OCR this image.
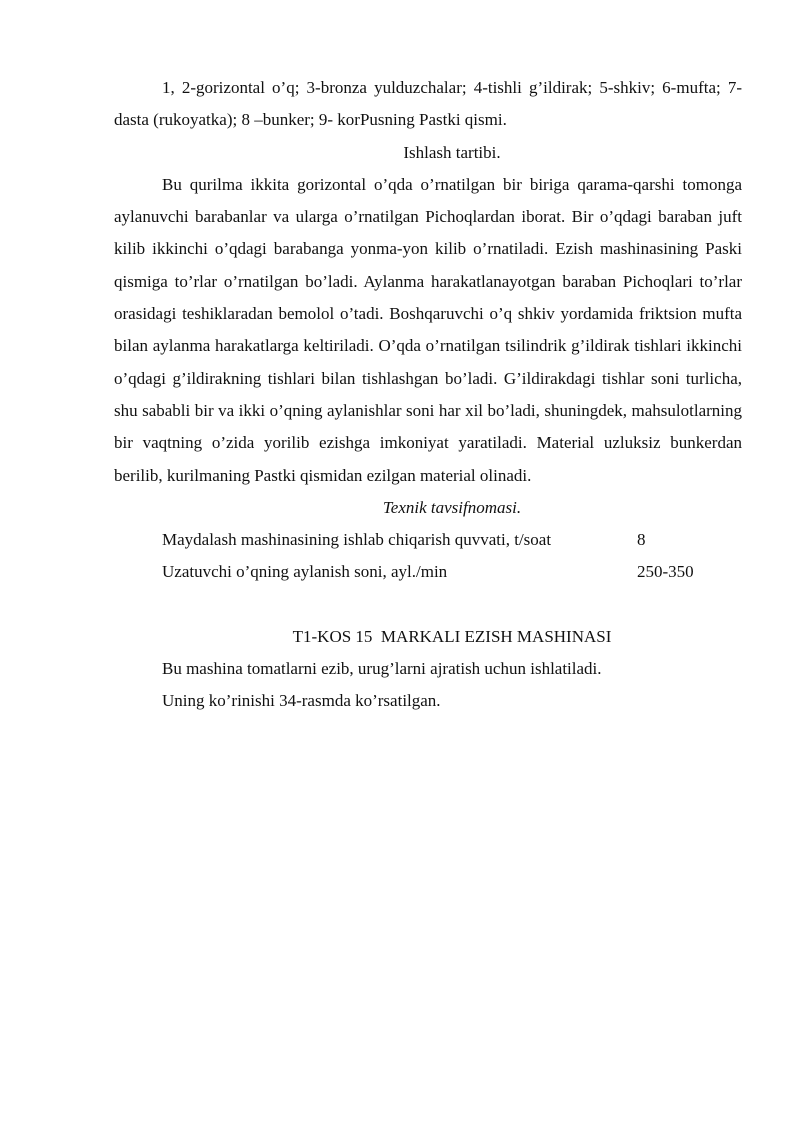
1, 2-gorizontal o’q; 3-bronza yulduzchalar; 4-tishli g’ildirak; 5-shkiv; 6-mufta; 7-dasta (rukoyatka); 8 –bunker; 9- korPusning Pastki qismi.

Ishlash tartibi.

Bu qurilma ikkita gorizontal o’qda o’rnatilgan bir biriga qarama-qarshi tomonga aylanuvchi barabanlar va ularga o’rnatilgan Pichoqlardan iborat. Bir o’qdagi baraban juft kilib ikkinchi o’qdagi barabanga yonma-yon kilib o’rnatiladi. Ezish mashinasining Paski qismiga to’rlar o’rnatilgan bo’ladi. Aylanma harakatlanayotgan baraban Pichoqlari to’rlar orasidagi teshiklaradan bemolol o’tadi. Boshqaruvchi o’q shkiv yordamida friktsion mufta bilan aylanma harakatlarga keltiriladi. O’qda o’rnatilgan tsilindrik g’ildirak tishlari ikkinchi o’qdagi g’ildirakning tishlari bilan tishlashgan bo’ladi. G’ildirakdagi tishlar soni turlicha, shu sababli bir va ikki o’qning aylanishlar soni har xil bo’ladi, shuningdek, mahsulotlarning bir vaqtning o’zida yorilib ezishga imkoniyat yaratiladi. Material uzluksiz bunkerdan berilib, kurilmaning Pastki qismidan ezilgan material olinadi.

Texnik tavsifnomasi.

Maydalash mashinasining ishlab chiqarish quvvati, t/soat	8
Uzatuvchi o’qning aylanish soni, ayl./min	250-350

T1-KOS 15  MARKALI EZISH MASHINASI

Bu mashina tomatlarni ezib, urug’larni ajratish uchun ishlatiladi.

Uning ko’rinishi 34-rasmda ko’rsatilgan.
